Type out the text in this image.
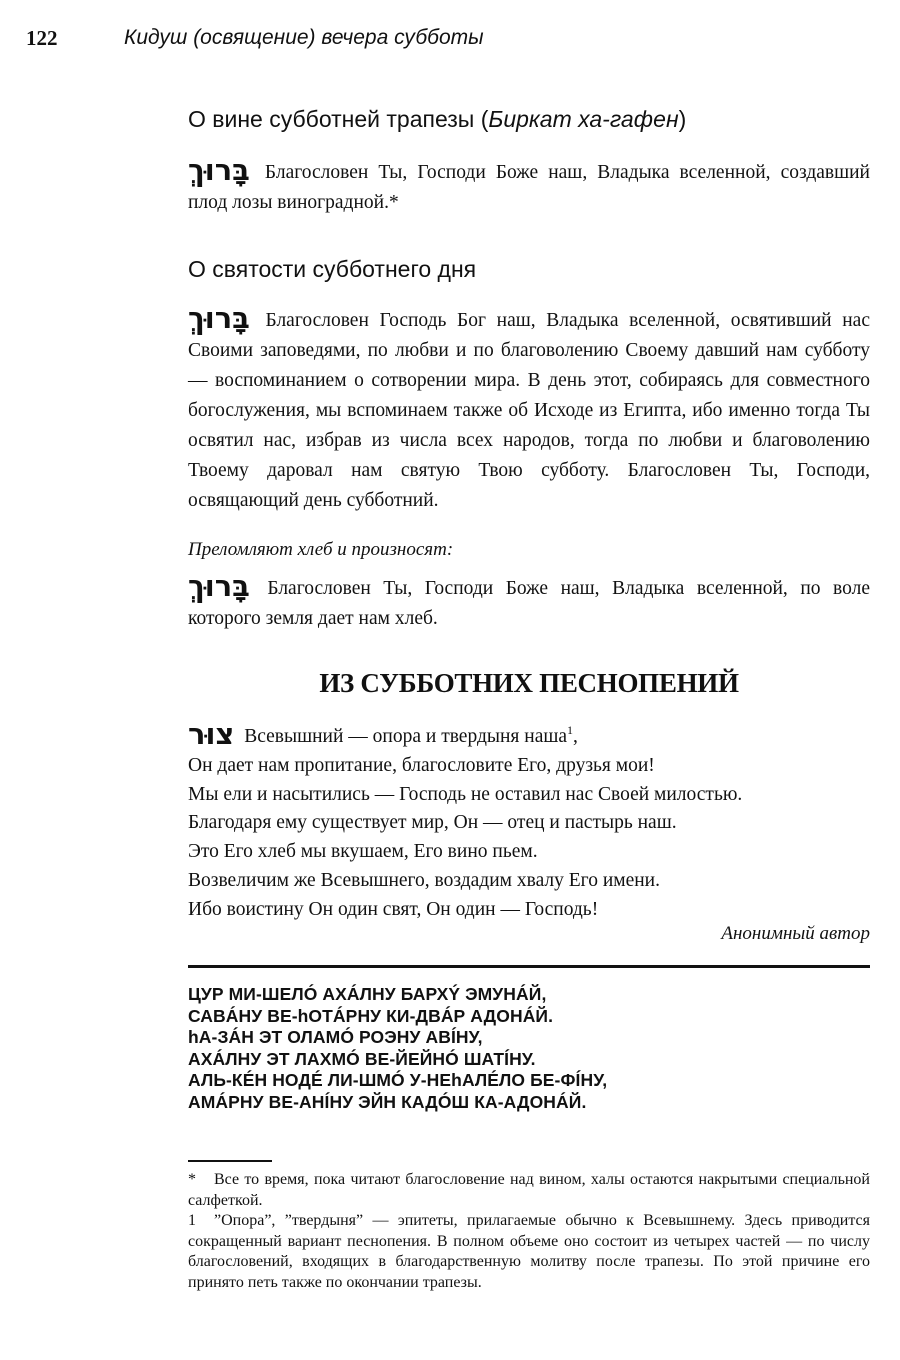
122	Кидуш (освящение) вечера субботы
О вине субботней трапезы (Биркат ха-гафен)
בָּרוּךְ Благословен Ты, Господи Боже наш, Владыка вселенной, создавший плод лозы виноградной.*
О святости субботнего дня
בָּרוּךְ Благословен Господь Бог наш, Владыка вселенной, освятивший нас Своими заповедями, по любви и по благоволению Своему давший нам субботу — воспоминанием о сотворении мира. В день этот, собираясь для совместного богослужения, мы вспоминаем также об Исходе из Египта, ибо именно тогда Ты освятил нас, избрав из числа всех народов, тогда по любви и благоволению Твоему даровал нам святую Твою субботу. Благословен Ты, Господи, освящающий день субботний.
Преломляют хлеб и произносят:
בָּרוּךְ Благословен Ты, Господи Боже наш, Владыка вселенной, по воле которого земля дает нам хлеб.
ИЗ СУББОТНИХ ПЕСНОПЕНИЙ
צוּר Всевышний — опора и твердыня наша$^1$,
Он дает нам пропитание, благословите Его, друзья мои!
Мы ели и насытились — Господь не оставил нас Своей милостью.
Благодаря ему существует мир, Он — отец и пастырь наш.
Это Его хлеб мы вкушаем, Его вино пьем.
Возвеличим же Всевышнего, воздадим хвалу Его имени.
Ибо воистину Он один свят, Он один — Господь!
Анонимный автор
ЦУР МИ-ШЕЛÓ АХÁЛНУ БАРХÝ ЭМУНÁЙ,
САВÁНУ ВЕ-hОТÁРНУ КИ-ДВÁР АДОНÁЙ.
hА-ЗÁН ЭТ ОЛАМÓ РОЭНУ АВÍНУ,
АХÁЛНУ ЭТ ЛАХМÓ ВЕ-ЙЕЙНÓ ШАТÍНУ.
АЛЬ-КÉН НОДÉ ЛИ-ШМÓ У-НЕhАЛÉЛО БЕ-ФÍНУ,
АМÁРНУ ВЕ-АНÍНУ ЭЙН КАДÓШ КА-АДОНÁЙ.
* Все то время, пока читают благословение над вином, халы остаются накрытыми специальной салфеткой.
1 ”Опора”, ”твердыня” — эпитеты, прилагаемые обычно к Всевышнему. Здесь приводится сокращенный вариант песнопения. В полном объеме оно состоит из четырех частей — по числу благословений, входящих в благодарственную молитву после трапезы. По этой причине его принято петь также по окончании трапезы.
